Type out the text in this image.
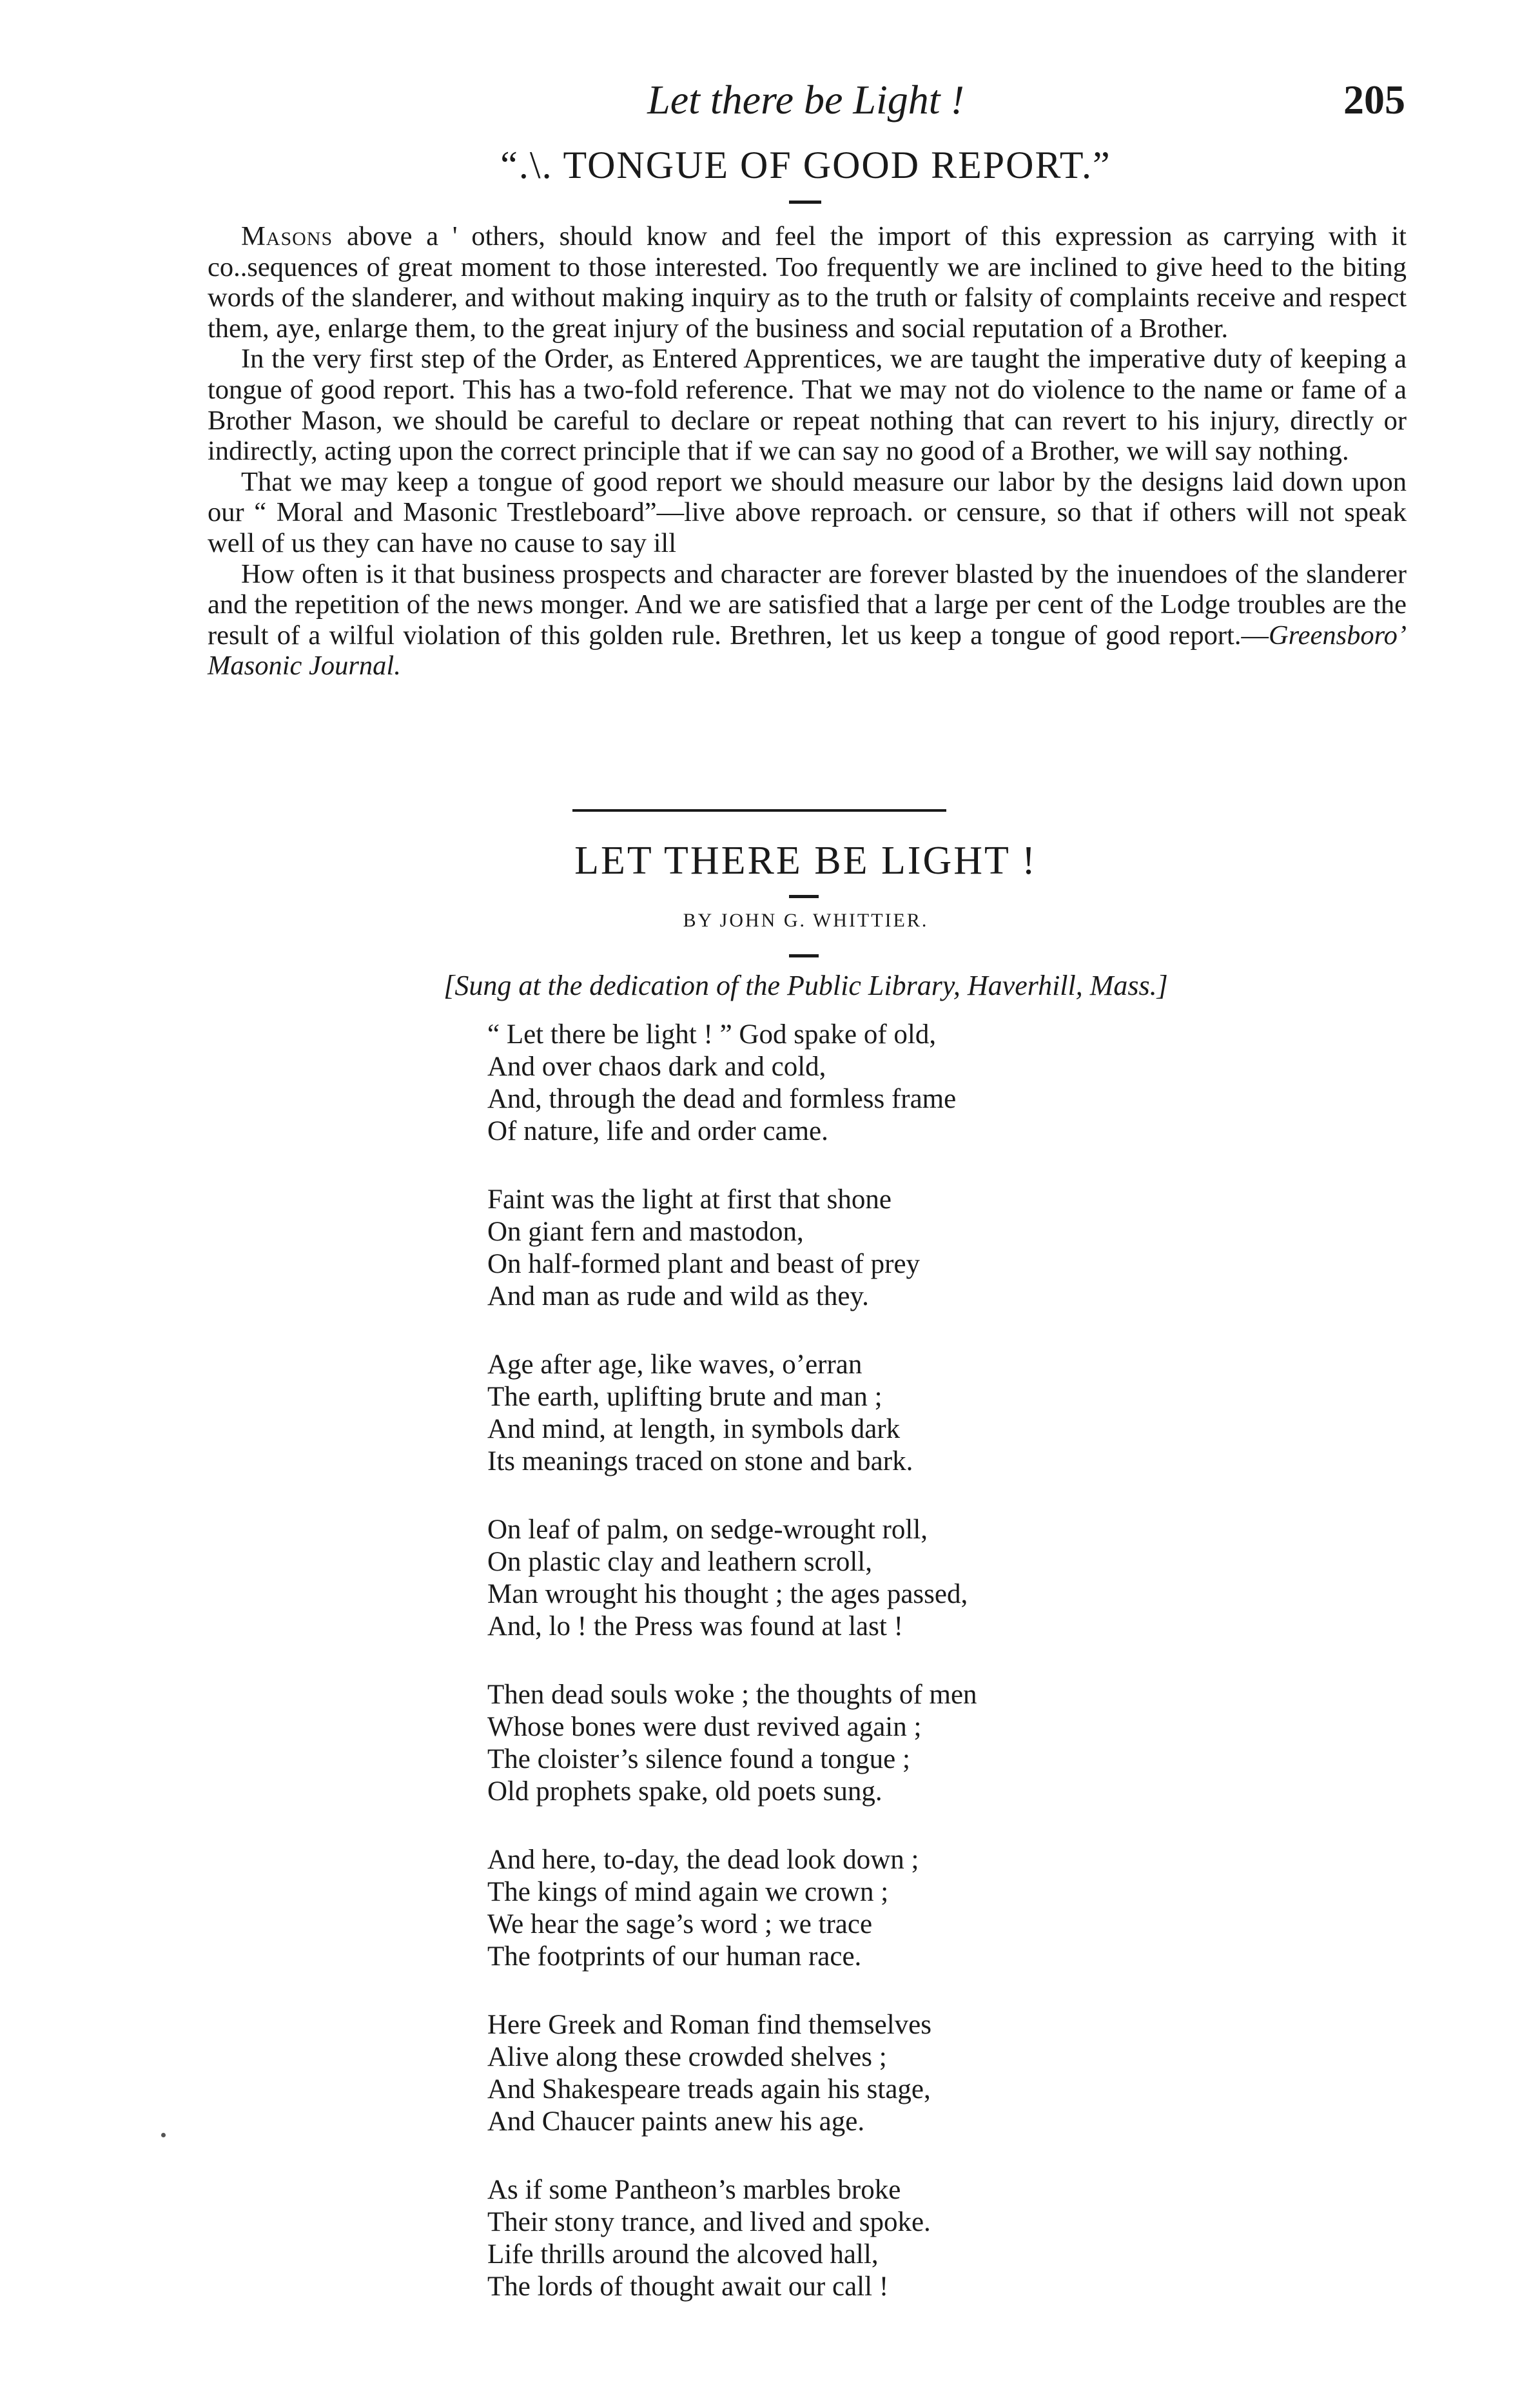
Let there be Light !	205
“.\. TONGUE OF GOOD REPORT.”

Masons above a ' others, should know and feel the import of this expression as carrying with it co..sequences of great moment to those interested. Too frequently we are inclined to give heed to the biting words of the slanderer, and without making inquiry as to the truth or falsity of complaints receive and respect them, aye, enlarge them, to the great injury of the business and social reputation of a Brother.

In the very first step of the Order, as Entered Apprentices, we are taught the imperative duty of keeping a tongue of good report. This has a two-fold reference. That we may not do violence to the name or fame of a Brother Mason, we should be careful to declare or repeat nothing that can revert to his injury, directly or indirectly, acting upon the correct principle that if we can say no good of a Brother, we will say nothing.

That we may keep a tongue of good report we should measure our labor by the designs laid down upon our “ Moral and Masonic Trestleboard”—live above reproach. or censure, so that if others will not speak well of us they can have no cause to say ill

How often is it that business prospects and character are forever blasted by the inuendoes of the slanderer and the repetition of the news monger. And we are satisfied that a large per cent of the Lodge troubles are the result of a wilful violation of this golden rule. Brethren, let us keep a tongue of good report.—Greensboro’ Masonic Journal.

LET THERE BE LIGHT !
BY JOHN G. WHITTIER.
[Sung at the dedication of the Public Library, Haverhill, Mass.]
“ Let there be light ! ” God spake of old,
And over chaos dark and cold,
And, through the dead and formless frame
Of nature, life and order came.
Faint was the light at first that shone
On giant fern and mastodon,
On half-formed plant and beast of prey
And man as rude and wild as they.
Age after age, like waves, o’erran
The earth, uplifting brute and man ;
And mind, at length, in symbols dark
Its meanings traced on stone and bark.
On leaf of palm, on sedge-wrought roll,
On plastic clay and leathern scroll,
Man wrought his thought ; the ages passed,
And, lo ! the Press was found at last !
Then dead souls woke ; the thoughts of men
Whose bones were dust revived again ;
The cloister’s silence found a tongue ;
Old prophets spake, old poets sung.
And here, to-day, the dead look down ;
The kings of mind again we crown ;
We hear the sage’s word ; we trace
The footprints of our human race.
Here Greek and Roman find themselves
Alive along these crowded shelves ;
And Shakespeare treads again his stage,
And Chaucer paints anew his age.
As if some Pantheon’s marbles broke
Their stony trance, and lived and spoke.
Life thrills around the alcoved hall,
The lords of thought await our call !
